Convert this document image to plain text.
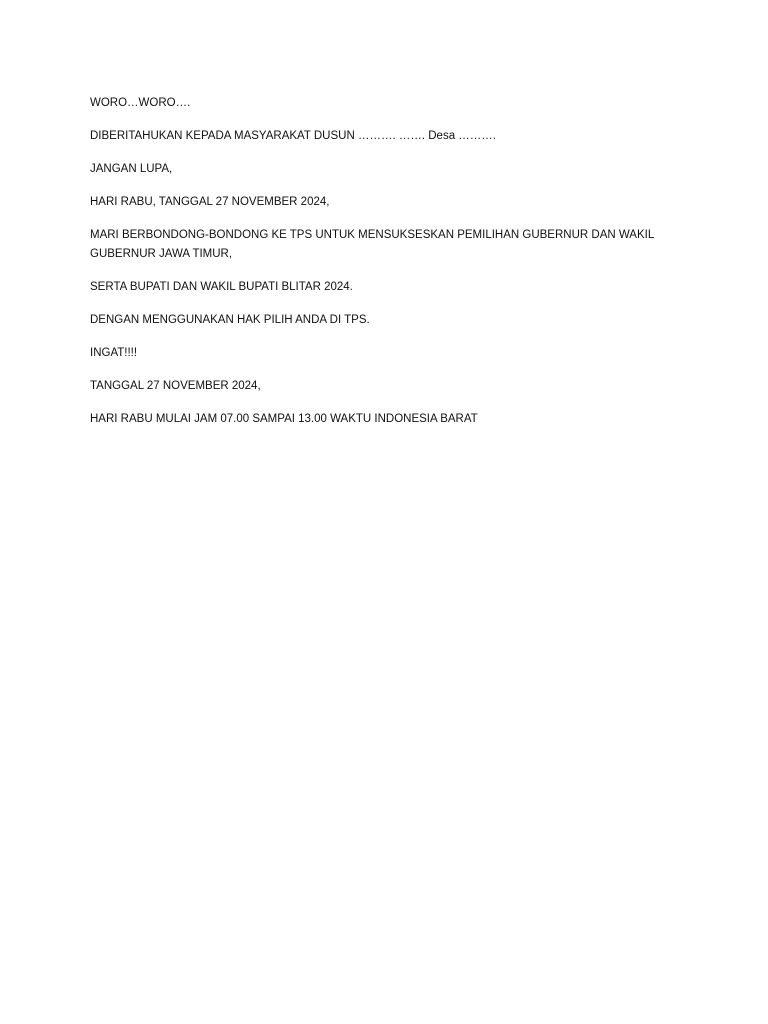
WORO…WORO….

DIBERITAHUKAN KEPADA MASYARAKAT DUSUN ………. ……. Desa ……….

JANGAN LUPA,

HARI RABU, TANGGAL 27 NOVEMBER 2024,

MARI BERBONDONG-BONDONG KE TPS UNTUK MENSUKSESKAN PEMILIHAN GUBERNUR DAN WAKIL GUBERNUR JAWA TIMUR,

SERTA BUPATI DAN WAKIL BUPATI BLITAR 2024.

DENGAN MENGGUNAKAN HAK PILIH ANDA DI TPS.

INGAT!!!!

TANGGAL 27 NOVEMBER 2024,

HARI RABU MULAI JAM 07.00 SAMPAI 13.00 WAKTU INDONESIA BARAT
